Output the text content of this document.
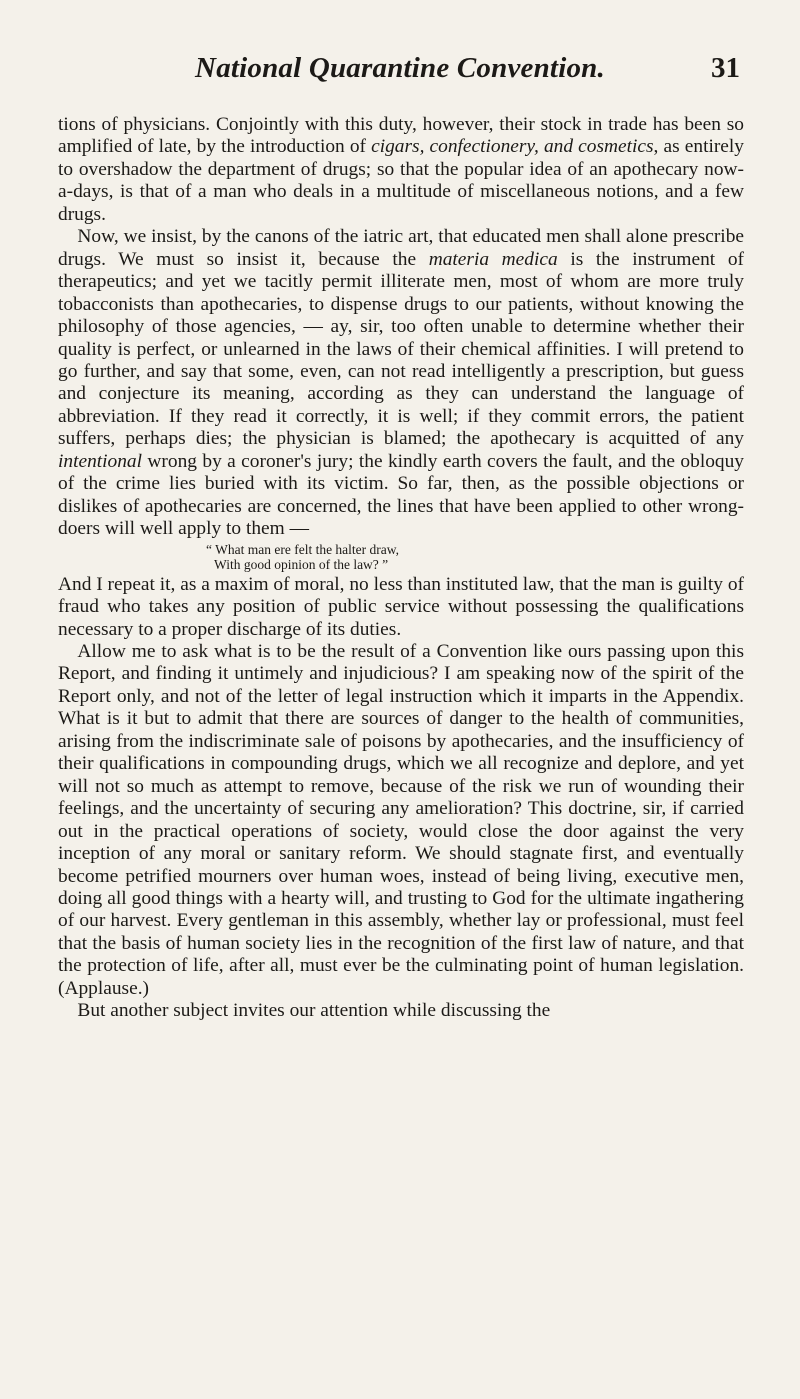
National Quarantine Convention.	31

tions of physicians. Conjointly with this duty, however, their stock in trade has been so amplified of late, by the introduction of cigars, confectionery, and cosmetics, as entirely to overshadow the department of drugs; so that the popular idea of an apothecary now-a-days, is that of a man who deals in a multitude of miscellaneous notions, and a few drugs.

 Now, we insist, by the canons of the iatric art, that educated men shall alone prescribe drugs. We must so insist it, because the materia medica is the instrument of therapeutics; and yet we tacitly permit illiterate men, most of whom are more truly tobacconists than apothecaries, to dispense drugs to our patients, without knowing the philosophy of those agencies, — ay, sir, too often unable to determine whether their quality is perfect, or unlearned in the laws of their chemical affinities. I will pretend to go further, and say that some, even, can not read intelligently a prescription, but guess and conjecture its meaning, according as they can understand the language of abbreviation. If they read it correctly, it is well; if they commit errors, the patient suffers, perhaps dies; the physician is blamed; the apothecary is acquitted of any intentional wrong by a coroner's jury; the kindly earth covers the fault, and the obloquy of the crime lies buried with its victim. So far, then, as the possible objections or dislikes of apothecaries are concerned, the lines that have been applied to other wrong-doers will well apply to them —

“ What man ere felt the halter draw,
With good opinion of the law? ”

And I repeat it, as a maxim of moral, no less than instituted law, that the man is guilty of fraud who takes any position of public service without possessing the qualifications necessary to a proper discharge of its duties.

 Allow me to ask what is to be the result of a Convention like ours passing upon this Report, and finding it untimely and injudicious? I am speaking now of the spirit of the Report only, and not of the letter of legal instruction which it imparts in the Appendix. What is it but to admit that there are sources of danger to the health of communities, arising from the indiscriminate sale of poisons by apothecaries, and the insufficiency of their qualifications in compounding drugs, which we all recognize and deplore, and yet will not so much as attempt to remove, because of the risk we run of wounding their feelings, and the uncertainty of securing any amelioration? This doctrine, sir, if carried out in the practical operations of society, would close the door against the very inception of any moral or sanitary reform. We should stagnate first, and eventually become petrified mourners over human woes, instead of being living, executive men, doing all good things with a hearty will, and trusting to God for the ultimate ingathering of our harvest. Every gentleman in this assembly, whether lay or professional, must feel that the basis of human society lies in the recognition of the first law of nature, and that the protection of life, after all, must ever be the culminating point of human legislation. (Applause.)

 But another subject invites our attention while discussing the
